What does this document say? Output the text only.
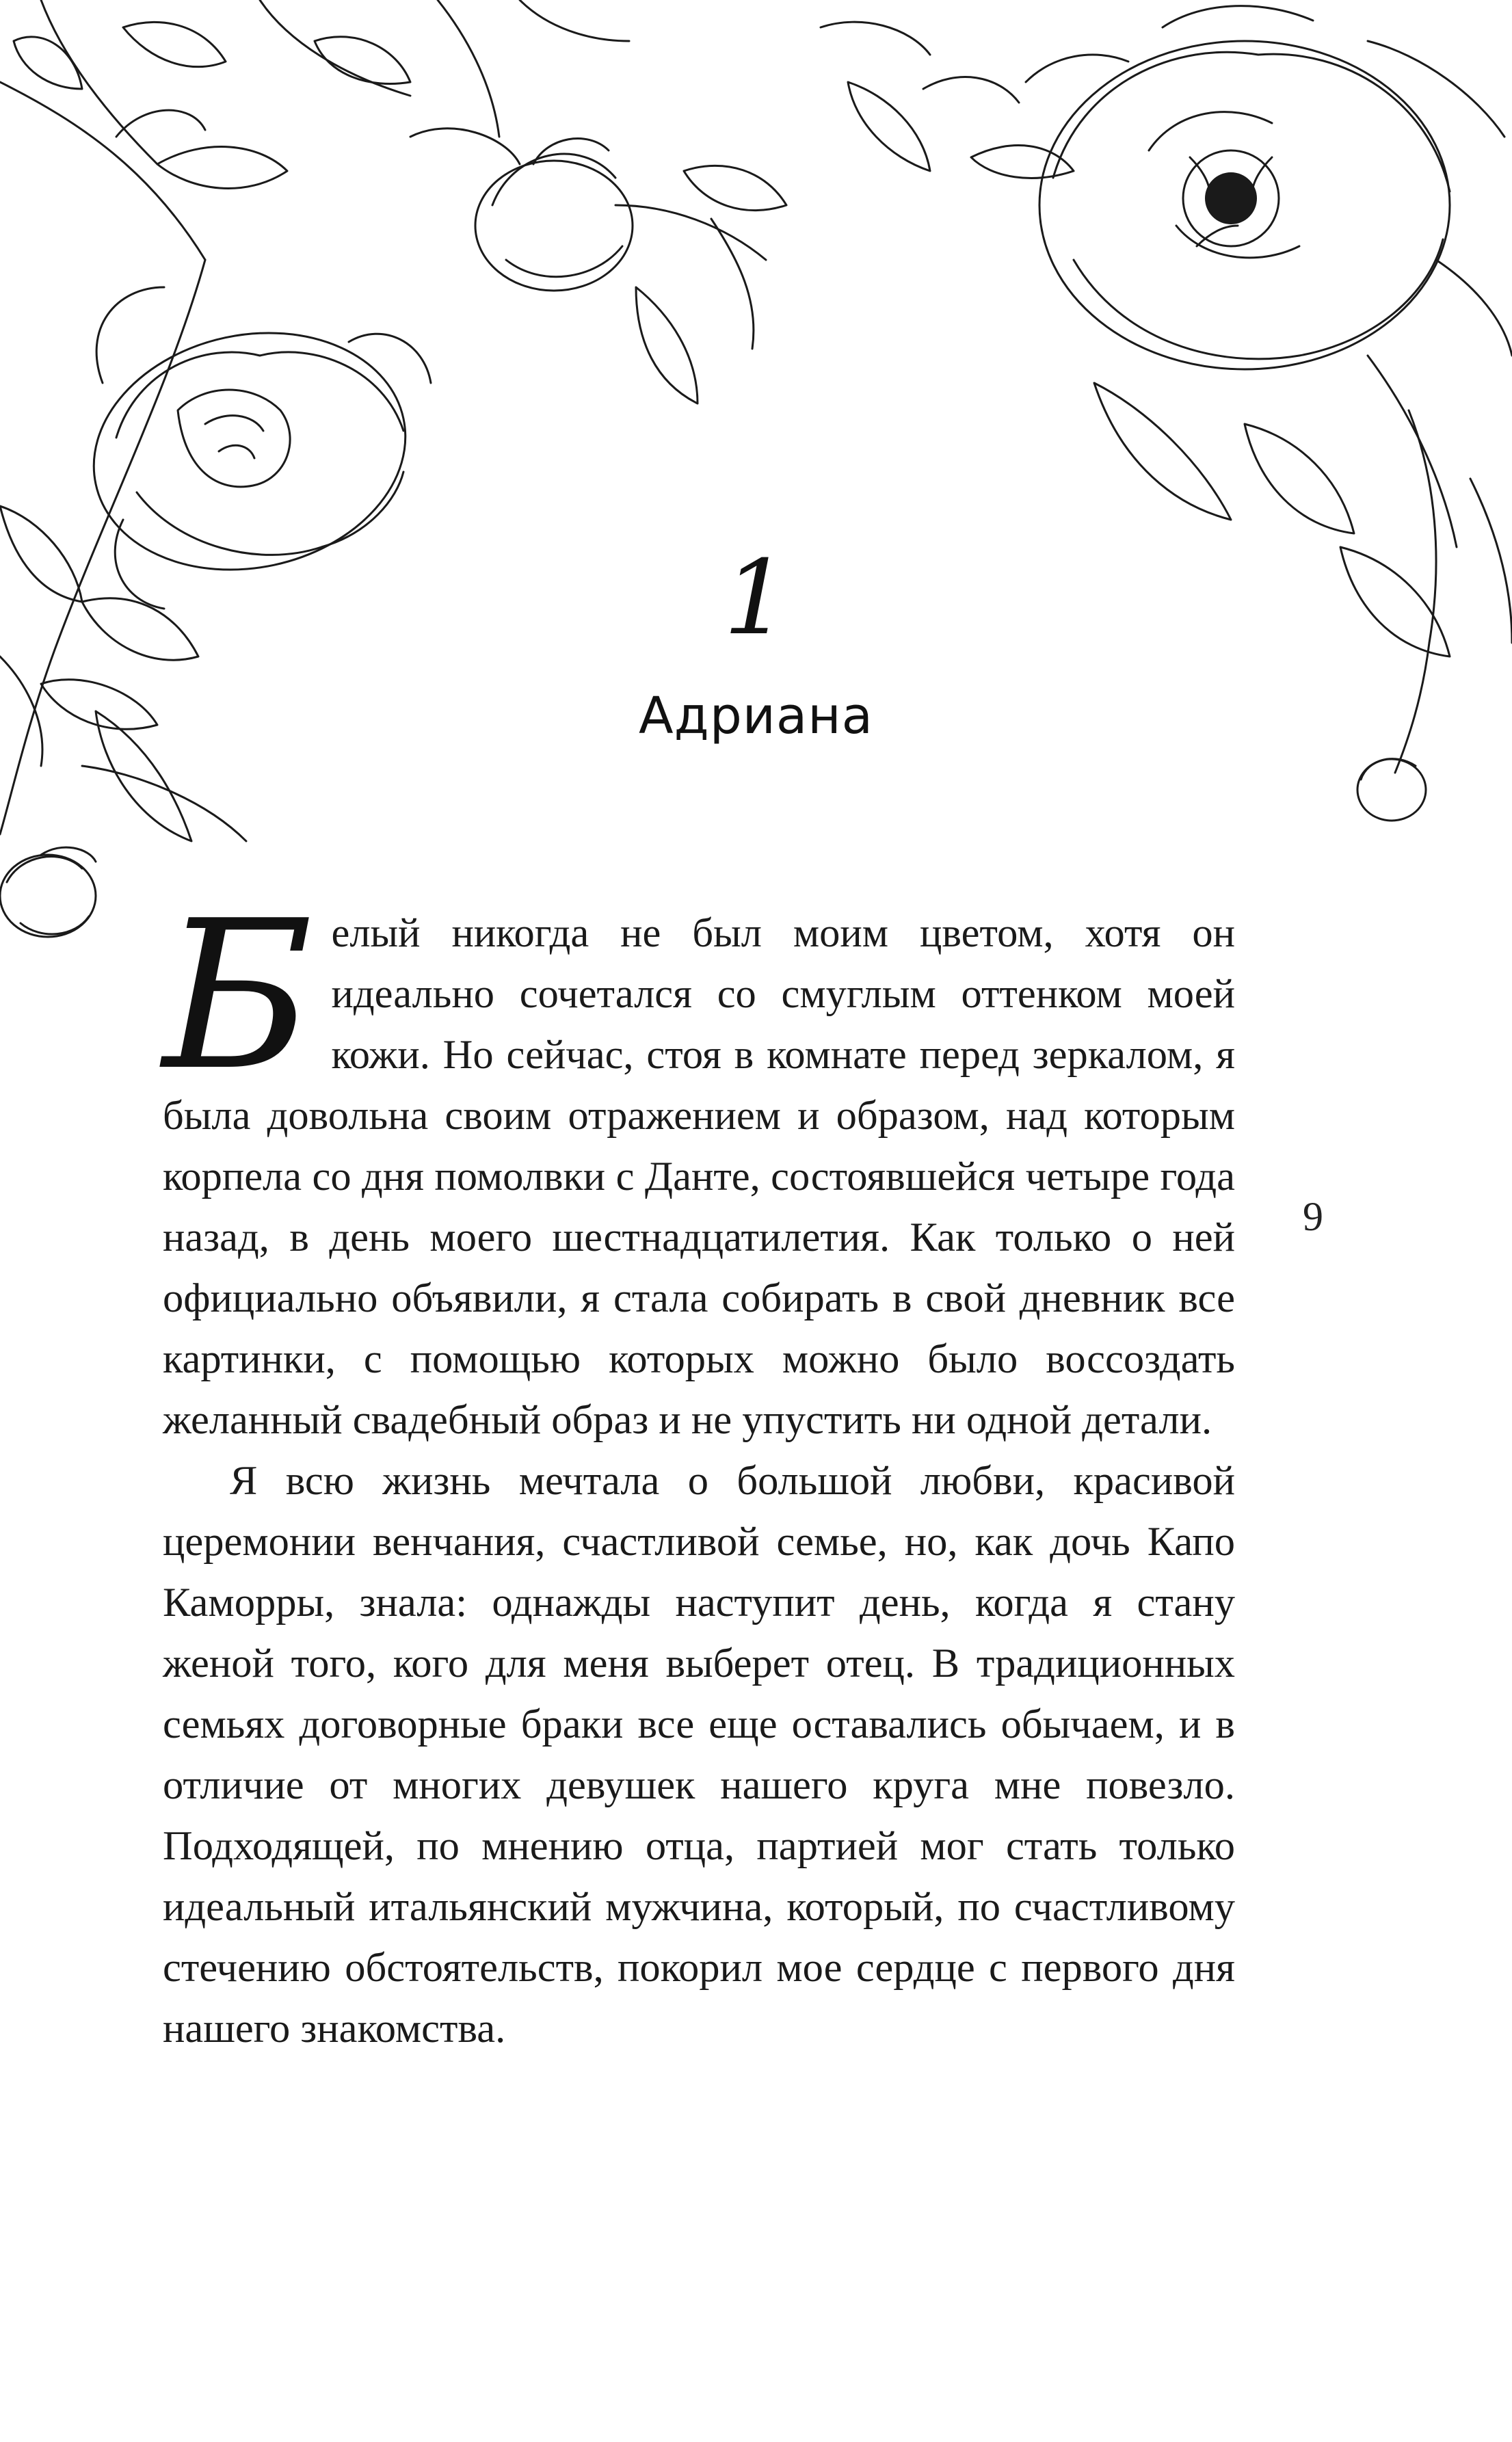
1
Адриана

Белый никогда не был моим цветом, хотя он идеально сочетался со смуглым оттенком моей кожи. Но сейчас, стоя в комнате перед зеркалом, я была довольна своим отражением и образом, над которым корпела со дня помолвки с Данте, состоявшейся четыре года назад, в день моего шестнадцатилетия. Как только о ней официально объявили, я стала собирать в свой дневник все картинки, с помощью которых можно было воссоздать желанный свадебный образ и не упустить ни одной детали.

Я всю жизнь мечтала о большой любви, красивой церемонии венчания, счастливой семье, но, как дочь Капо Каморры, знала: однажды наступит день, когда я стану женой того, кого для меня выберет отец. В традиционных семьях договорные браки все еще оставались обычаем, и в отличие от многих девушек нашего круга мне повезло. Подходящей, по мнению отца, партией мог стать только идеальный итальянский мужчина, который, по счастливому стечению обстоятельств, покорил мое сердце с первого дня нашего знакомства.

9
